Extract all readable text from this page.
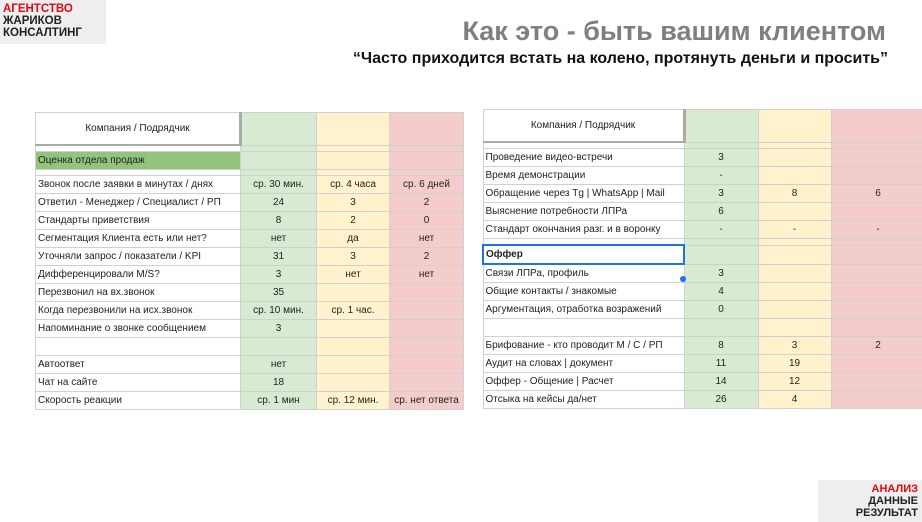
АГЕНТСТВО
ЖАРИКОВ
КОНСАЛТИНГ	Как это - быть вашим клиентом
“Часто приходится встать на колено, протянуть деньги и просить”
Компания / Подрядчик			

Оценка отдела продаж			

Звонок после заявки в минутах / днях	ср. 30 мин.	ср. 4 часа	ср. 6 дней
Ответил - Менеджер / Специалист / РП	24	3	2
Стандарты приветствия	8	2	0
Сегментация Клиента есть или нет?	нет	да	нет
Уточняли запрос / показатели / KPI	31	3	2
Дифференцировали M/S?	3	нет	нет
Перезвонил на вх.звонок	35		
Когда перезвонили на исх.звонок	ср. 10 мин.	ср. 1 час.	
Напоминание о звонке сообщением	3		

Автоответ	нет		
Чат на сайте	18		
Скорость реакции	ср. 1 мин	ср. 12 мин.	ср. нет ответа
Компания / Подрядчик			

Проведение видео-встречи	3		
Время демонстрации	-		
Обращение через Tg | WhatsApp | Mail	3	8	6
Выяснение потребности ЛПРа	6		
Стандарт окончания разг. и в воронку	-	-	-

Оффер			
Связи ЛПРа, профиль	3		
Общие контакты / знакомые	4		
Аргументация, отработка возражений	0		

Брифование - кто проводит М / С / РП	8	3	2
Аудит на словах | документ	11	19	
Оффер - Общение | Расчет	14	12	
Отсыка на кейсы да/нет	26	4	
АНАЛИЗ
ДАННЫЕ
РЕЗУЛЬТАТ
